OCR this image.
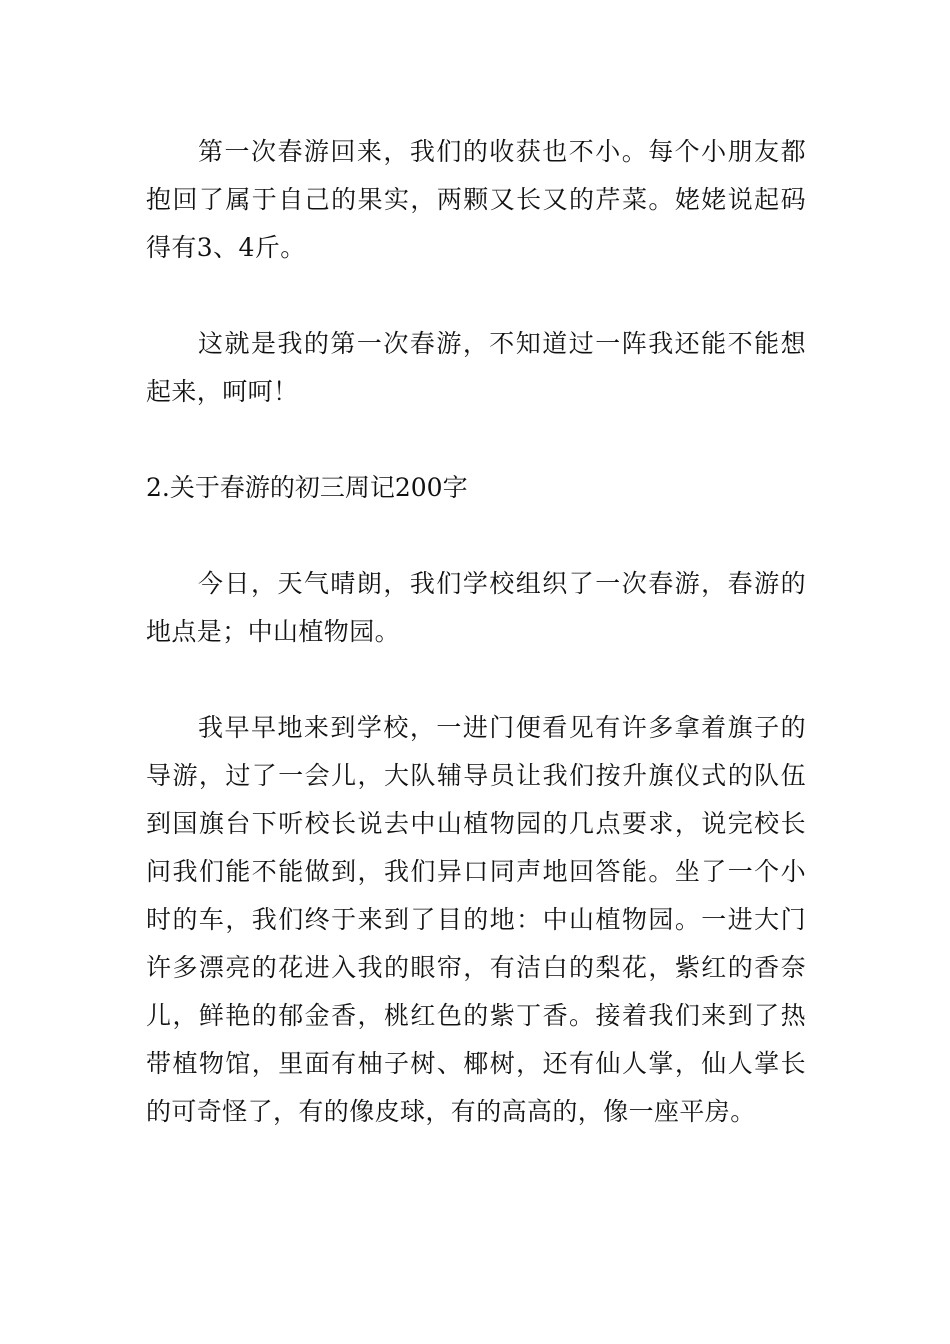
第一次春游回来，我们的收获也不小。每个小朋友都抱回了属于自己的果实，两颗又长又的芹菜。姥姥说起码得有3、4斤。

这就是我的第一次春游，不知道过一阵我还能不能想起来，呵呵！

2.关于春游的初三周记200字

今日，天气晴朗，我们学校组织了一次春游，春游的地点是；中山植物园。

我早早地来到学校，一进门便看见有许多拿着旗子的导游，过了一会儿，大队辅导员让我们按升旗仪式的队伍到国旗台下听校长说去中山植物园的几点要求，说完校长问我们能不能做到，我们异口同声地回答能。坐了一个小时的车，我们终于来到了目的地：中山植物园。一进大门许多漂亮的花进入我的眼帘，有洁白的梨花，紫红的香奈儿，鲜艳的郁金香，桃红色的紫丁香。接着我们来到了热带植物馆，里面有柚子树、椰树，还有仙人掌，仙人掌长的可奇怪了，有的像皮球，有的高高的，像一座平房。
